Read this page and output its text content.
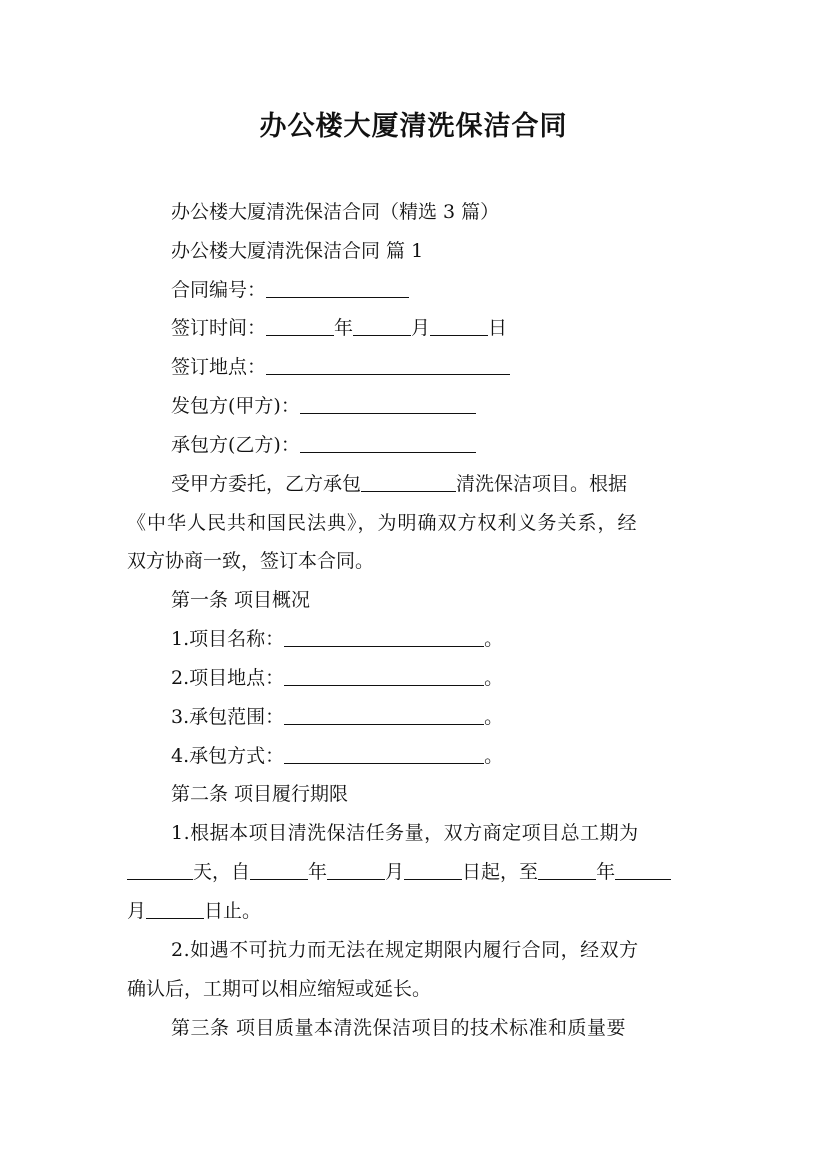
办公楼大厦清洗保洁合同
办公楼大厦清洗保洁合同（精选 3 篇）
办公楼大厦清洗保洁合同 篇 1
合同编号：
签订时间：	年	月	日
签订地点：
发包方(甲方)：
承包方(乙方)：
受甲方委托，乙方承包	清洗保洁项目。根据
《中华人民共和国民法典》，为明确双方权利义务关系，经
双方协商一致，签订本合同。
第一条 项目概况
1.项目名称：	。
2.项目地点：	。
3.承包范围：	。
4.承包方式：	。
第二条 项目履行期限
1.根据本项目清洗保洁任务量，双方商定项目总工期为
天，自	年	月	日起，至	年
月	日止。
2.如遇不可抗力而无法在规定期限内履行合同，经双方
确认后，工期可以相应缩短或延长。
第三条 项目质量本清洗保洁项目的技术标准和质量要
